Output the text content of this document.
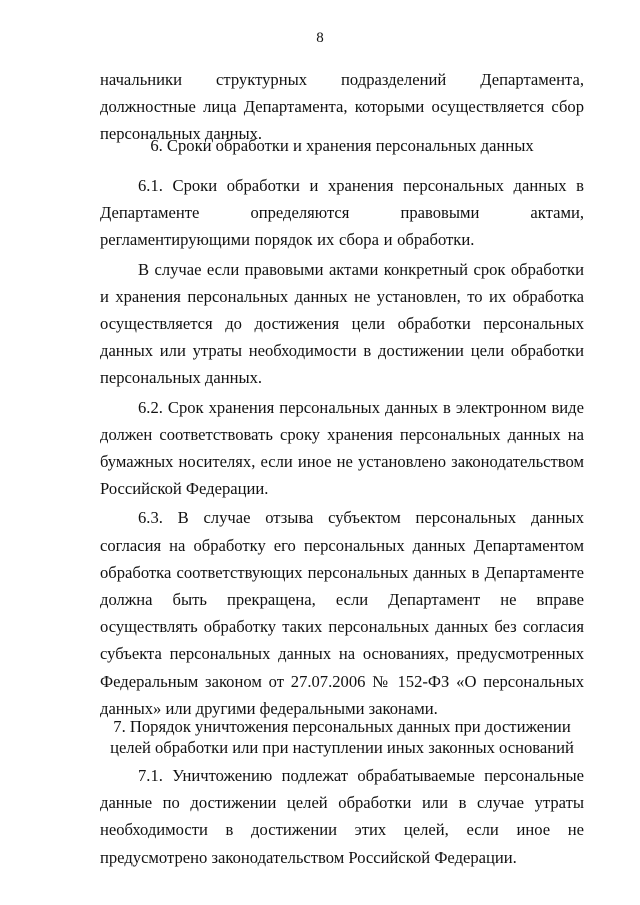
8

начальники структурных подразделений Департамента, должностные лица Департамента, которыми осуществляется сбор персональных данных.

6. Сроки обработки и хранения персональных данных

6.1. Сроки обработки и хранения персональных данных в Департаменте определяются правовыми актами, регламентирующими порядок их сбора и обработки.

В случае если правовыми актами конкретный срок обработки и хранения персональных данных не установлен, то их обработка осуществляется до достижения цели обработки персональных данных или утраты необходимости в достижении цели обработки персональных данных.

6.2. Срок хранения персональных данных в электронном виде должен соответствовать сроку хранения персональных данных на бумажных носителях, если иное не установлено законодательством Российской Федерации.

6.3. В случае отзыва субъектом персональных данных согласия на обработку его персональных данных Департаментом обработка соответствующих персональных данных в Департаменте должна быть прекращена, если Департамент не вправе осуществлять обработку таких персональных данных без согласия субъекта персональных данных на основаниях, предусмотренных Федеральным законом от 27.07.2006 № 152-ФЗ «О персональных данных» или другими федеральными законами.

7. Порядок уничтожения персональных данных при достижении

целей обработки или при наступлении иных законных оснований

7.1. Уничтожению подлежат обрабатываемые персональные данные по достижении целей обработки или в случае утраты необходимости в достижении этих целей, если иное не предусмотрено законодательством Российской Федерации.
